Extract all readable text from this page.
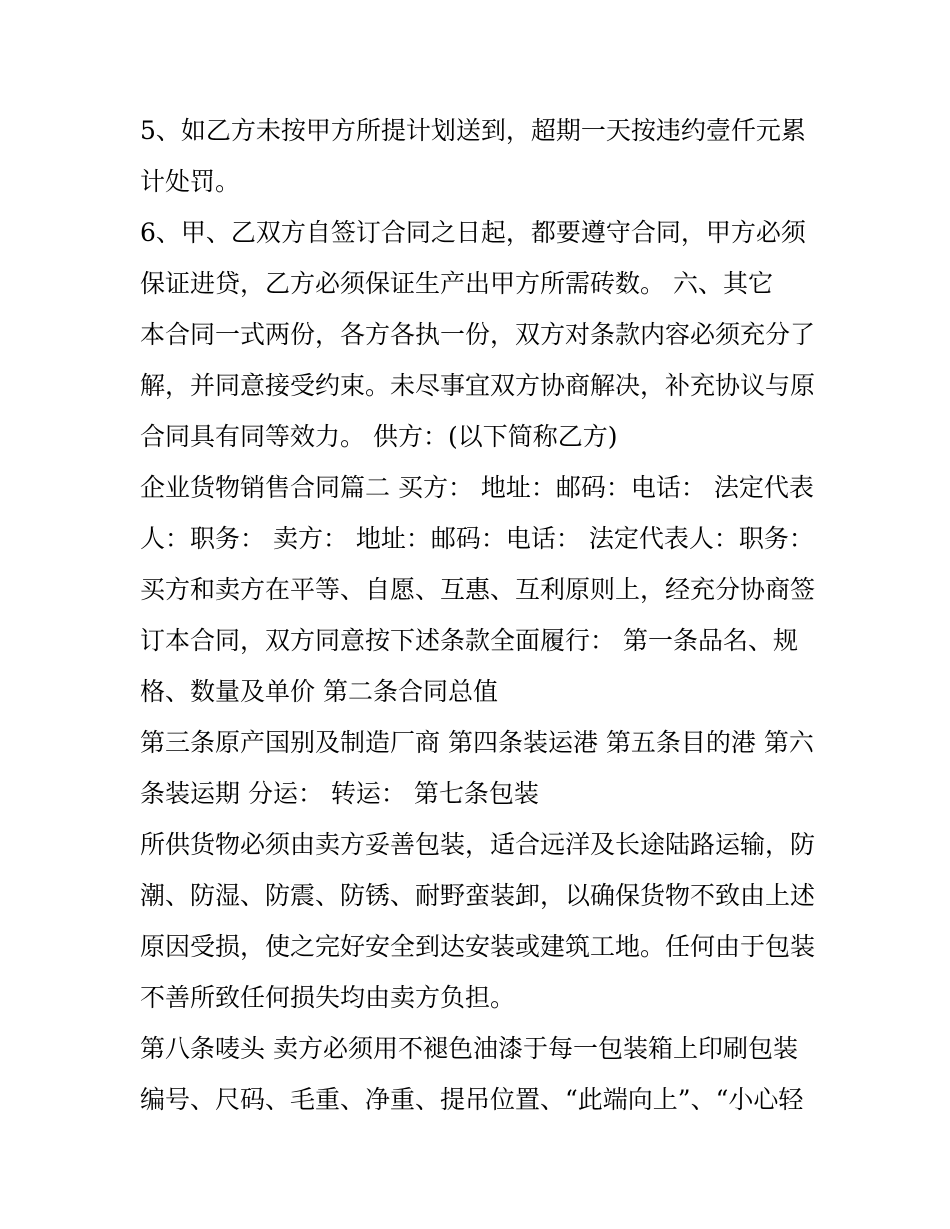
5、如乙方未按甲方所提计划送到，超期一天按违约壹仟元累
计处罚。
6、甲、乙双方自签订合同之日起，都要遵守合同，甲方必须
保证进贷，乙方必须保证生产出甲方所需砖数。 六、其它
本合同一式两份，各方各执一份，双方对条款内容必须充分了
解，并同意接受约束。未尽事宜双方协商解决，补充协议与原
合同具有同等效力。 供方：(以下简称乙方)
企业货物销售合同篇二 买方： 地址：邮码：电话： 法定代表
人：职务： 卖方： 地址：邮码：电话： 法定代表人：职务：
买方和卖方在平等、自愿、互惠、互利原则上，经充分协商签
订本合同，双方同意按下述条款全面履行： 第一条品名、规
格、数量及单价 第二条合同总值
第三条原产国别及制造厂商 第四条装运港 第五条目的港 第六
条装运期 分运： 转运： 第七条包装
所供货物必须由卖方妥善包装，适合远洋及长途陆路运输，防
潮、防湿、防震、防锈、耐野蛮装卸，以确保货物不致由上述
原因受损，使之完好安全到达安装或建筑工地。任何由于包装
不善所致任何损失均由卖方负担。
第八条唛头 卖方必须用不褪色油漆于每一包装箱上印刷包装
编号、尺码、毛重、净重、提吊位置、“此端向上”、“小心轻
